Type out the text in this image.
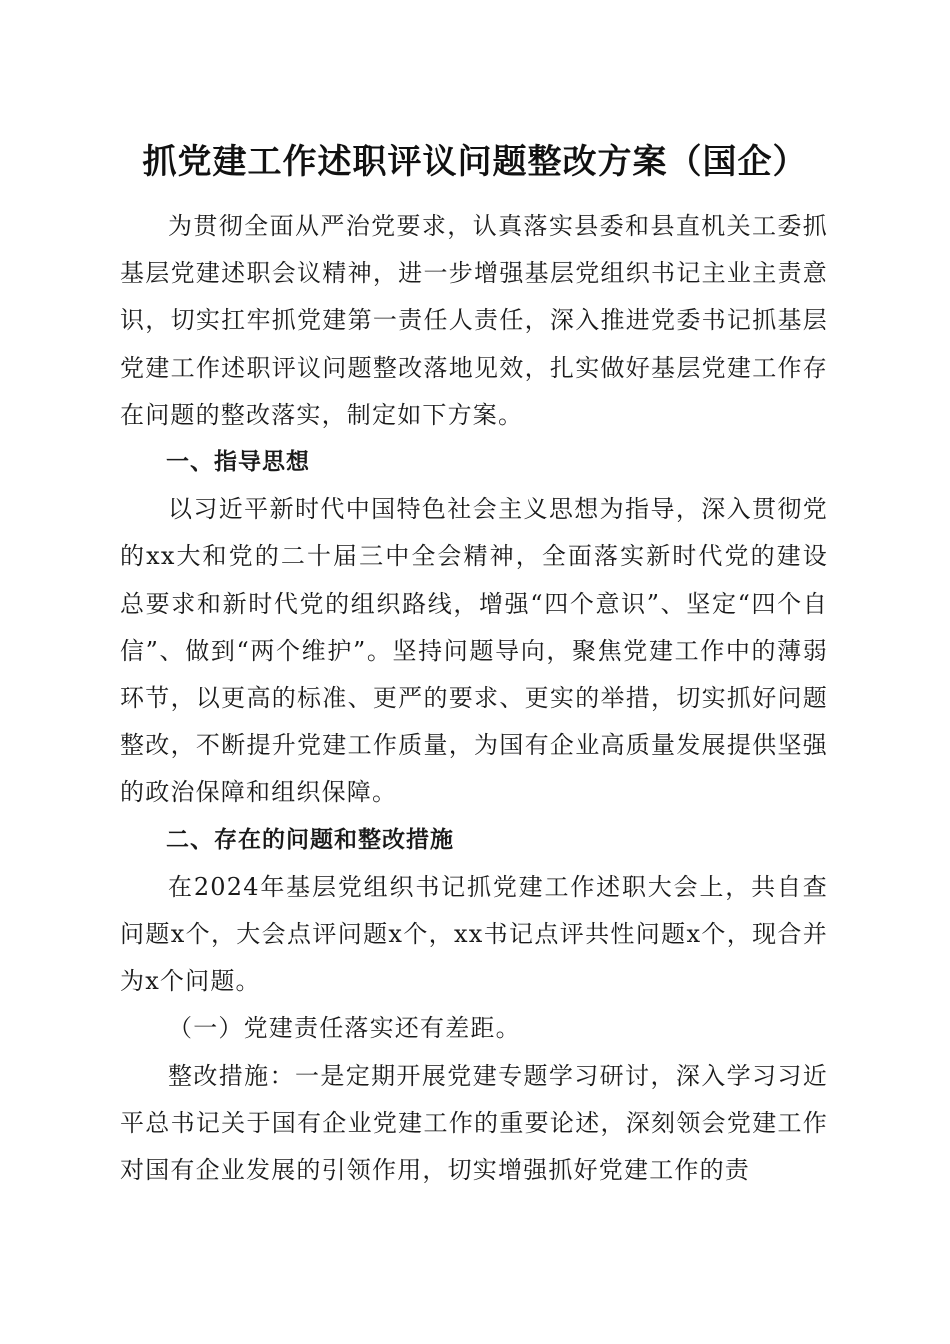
抓党建工作述职评议问题整改方案（国企）

为贯彻全面从严治党要求，认真落实县委和县直机关工委抓基层党建述职会议精神，进一步增强基层党组织书记主业主责意识，切实扛牢抓党建第一责任人责任，深入推进党委书记抓基层党建工作述职评议问题整改落地见效，扎实做好基层党建工作存在问题的整改落实，制定如下方案。

一、指导思想

以习近平新时代中国特色社会主义思想为指导，深入贯彻党的xx大和党的二十届三中全会精神，全面落实新时代党的建设总要求和新时代党的组织路线，增强“四个意识”、坚定“四个自信”、做到“两个维护”。坚持问题导向，聚焦党建工作中的薄弱环节，以更高的标准、更严的要求、更实的举措，切实抓好问题整改，不断提升党建工作质量，为国有企业高质量发展提供坚强的政治保障和组织保障。

二、存在的问题和整改措施

在2024年基层党组织书记抓党建工作述职大会上，共自查问题x个，大会点评问题x个，xx书记点评共性问题x个，现合并为x个问题。

（一）党建责任落实还有差距。

整改措施：一是定期开展党建专题学习研讨，深入学习习近平总书记关于国有企业党建工作的重要论述，深刻领会党建工作对国有企业发展的引领作用，切实增强抓好党建工作的责
